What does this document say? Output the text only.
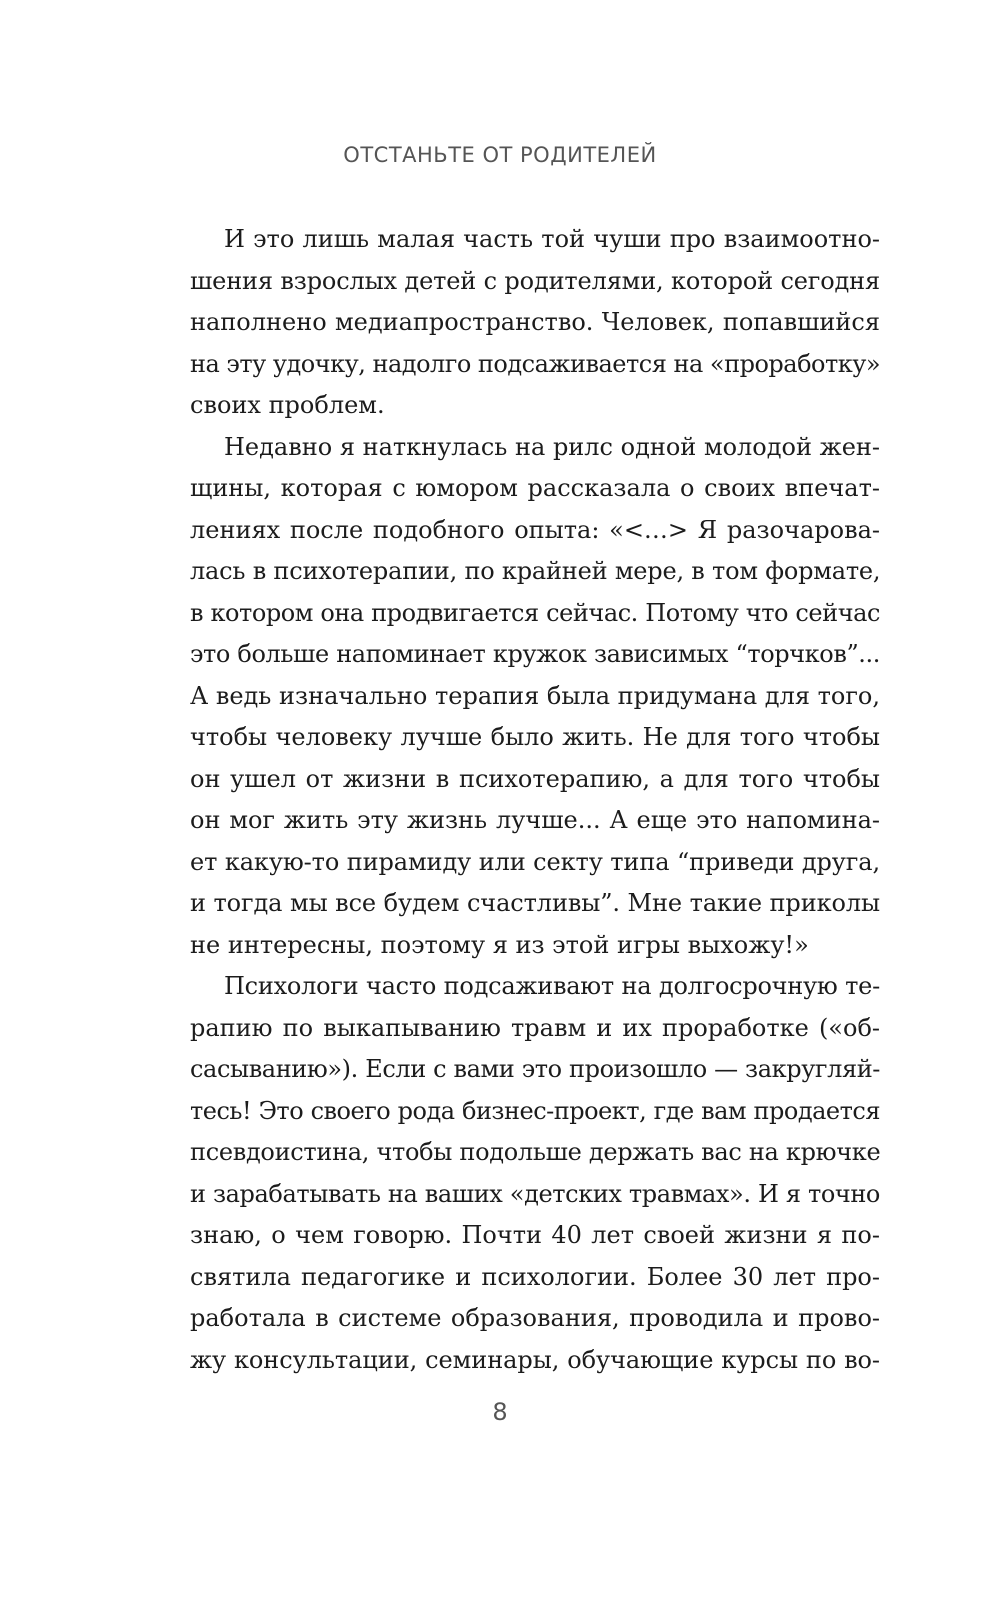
ОТСТАНЬТЕ ОТ РОДИТЕЛЕЙ
И это лишь малая часть той чуши про взаимоотно-
шения взрослых детей с родителями, которой сегодня
наполнено медиапространство. Человек, попавшийся
на эту удочку, надолго подсаживается на «проработку»
своих проблем.
Недавно я наткнулась на рилс одной молодой жен-
щины, которая с юмором рассказала о своих впечат-
лениях после подобного опыта: «<…> Я разочарова-
лась в психотерапии, по крайней мере, в том формате,
в котором она продвигается сейчас. Потому что сейчас
это больше напоминает кружок зависимых “торчков”...
А ведь изначально терапия была придумана для того,
чтобы человеку лучше было жить. Не для того чтобы
он ушел от жизни в психотерапию, а для того чтобы
он мог жить эту жизнь лучше... А еще это напомина-
ет какую-то пирамиду или секту типа “приведи друга,
и тогда мы все будем счастливы”. Мне такие приколы
не интересны, поэтому я из этой игры выхожу!»
Психологи часто подсаживают на долгосрочную те-
рапию по выкапыванию травм и их проработке («об-
сасыванию»). Если с вами это произошло — закругляй-
тесь! Это своего рода бизнес-проект, где вам продается
псевдоистина, чтобы подольше держать вас на крючке
и зарабатывать на ваших «детских травмах». И я точно
знаю, о чем говорю. Почти 40 лет своей жизни я по-
святила педагогике и психологии. Более 30 лет про-
работала в системе образования, проводила и прово-
жу консультации, семинары, обучающие курсы по во-
8
